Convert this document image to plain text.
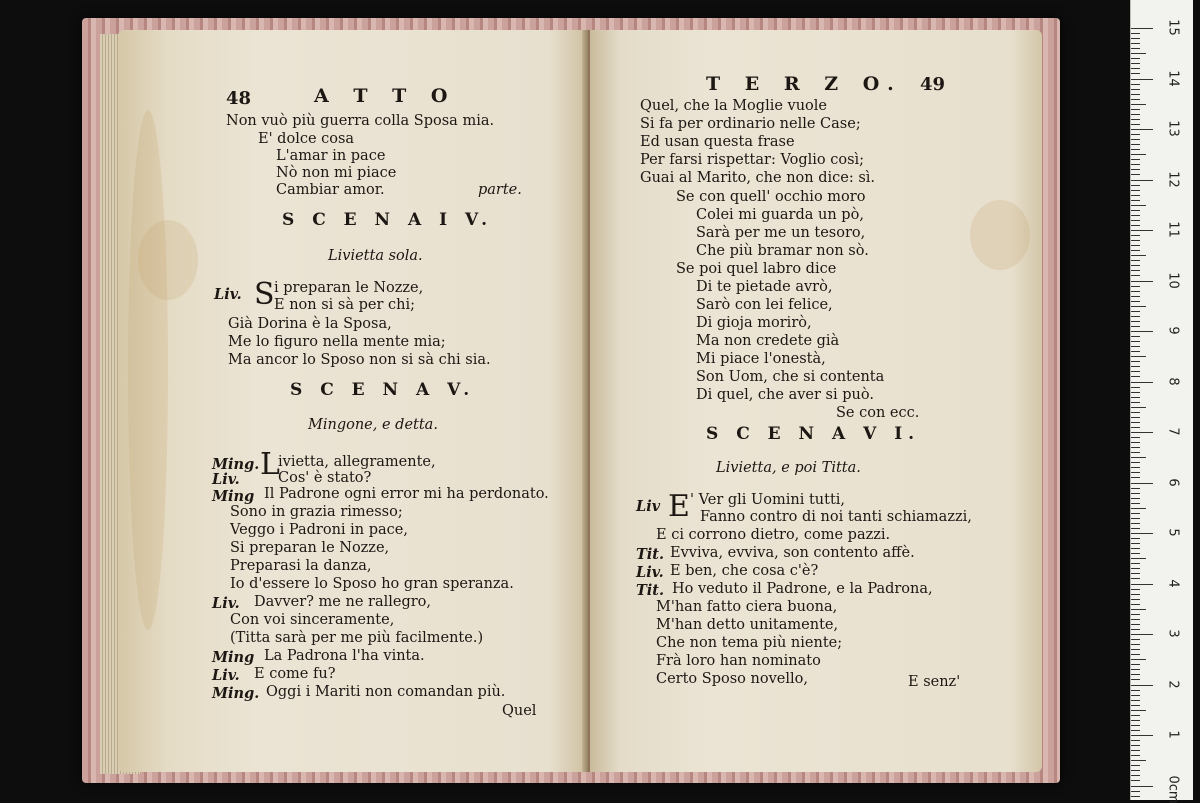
48	A T T O
Non vuò più guerra colla Sposa mia.
E' dolce cosa
L'amar in pace
Nò non mi piace
Cambiar amor.	parte.
S C E N A I V.
Livietta sola.
Liv. S i preparan le Nozze,
E non si sà per chi;
Già Dorina è la Sposa,
Me lo figuro nella mente mia;
Ma ancor lo Sposo non si sà chi sia.
S C E N A V.
Mingone, e detta.
L
Ming. ivietta, allegramente,
Liv.	Cos' è stato?
Ming Il Padrone ogni error mi ha perdonato.
Sono in grazia rimesso;
Veggo i Padroni in pace,
Si preparan le Nozze,
Preparasi la danza,
Io d'essere lo Sposo ho gran speranza.
Liv. Davver? me ne rallegro,
Con voi sinceramente,
(Titta sarà per me più facilmente.)
Ming La Padrona l'ha vinta.
Liv. E come fu?
Ming. Oggi i Mariti non comandan più.
Quel
T E R Z O. 49
Quel, che la Moglie vuole
Si fa per ordinario nelle Case;
Ed usan questa frase
Per farsi rispettar: Voglio così;
Guai al Marito, che non dice: sì.
Se con quell' occhio moro
Colei mi guarda un pò,
Sarà per me un tesoro,
Che più bramar non sò.
Se poi quel labro dice
Di te pietade avrò,
Sarò con lei felice,
Di gioja morirò,
Ma non credete già
Mi piace l'onestà,
Son Uom, che si contenta
Di quel, che aver si può.
Se con ecc.
S C E N A V I.
Livietta, e poi Titta.
Liv E ' Ver gli Uomini tutti,
Fanno contro di noi tanti schiamazzi,
E ci corrono dietro, come pazzi.
Tit. Evviva, evviva, son contento affè.
Liv. E ben, che cosa c'è?
Tit. Ho veduto il Padrone, e la Padrona,
M'han fatto ciera buona,
M'han detto unitamente,
Che non tema più niente;
Frà loro han nominato
Certo Sposo novello,	E senz'
15
14
13
12
11
10
9
8
7
6
5
4
3
2
1
0cm
